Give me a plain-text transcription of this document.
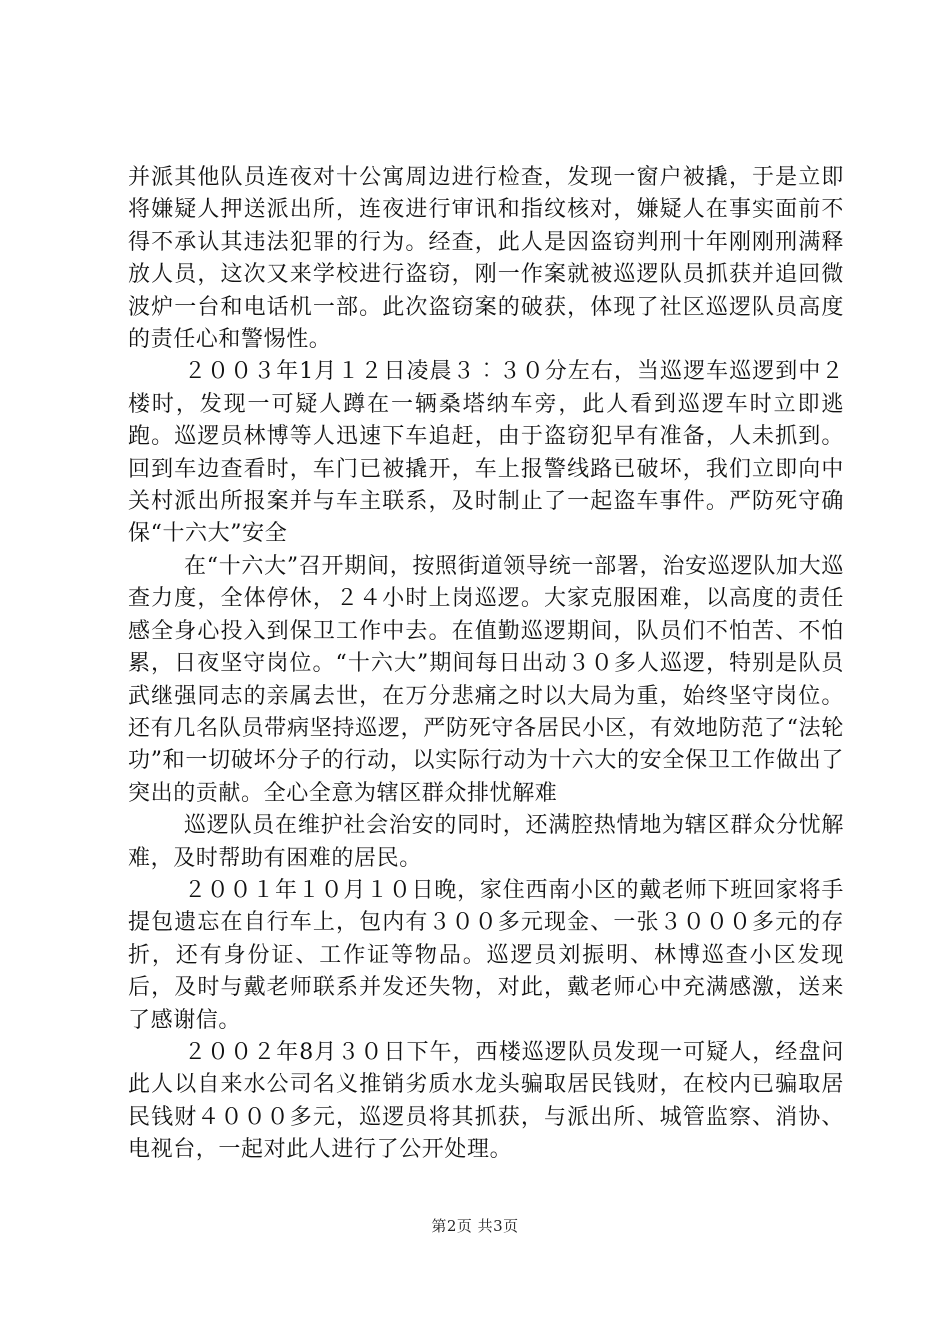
并派其他队员连夜对十公寓周边进行检查，发现一窗户被撬，于是立即将嫌疑人押送派出所，连夜进行审讯和指纹核对，嫌疑人在事实面前不得不承认其违法犯罪的行为。经查，此人是因盗窃判刑十年刚刚刑满释放人员，这次又来学校进行盗窃，刚一作案就被巡逻队员抓获并追回微波炉一台和电话机一部。此次盗窃案的破获，体现了社区巡逻队员高度的责任心和警惕性。

２００３年1月１２日凌晨３︰３０分左右，当巡逻车巡逻到中２楼时，发现一可疑人蹲在一辆桑塔纳车旁，此人看到巡逻车时立即逃跑。巡逻员林博等人迅速下车追赶，由于盗窃犯早有准备，人未抓到。回到车边查看时，车门已被撬开，车上报警线路已破坏，我们立即向中关村派出所报案并与车主联系，及时制止了一起盗车事件。严防死守确保“十六大”安全

在“十六大”召开期间，按照街道领导统一部署，治安巡逻队加大巡查力度，全体停休，２４小时上岗巡逻。大家克服困难，以高度的责任感全身心投入到保卫工作中去。在值勤巡逻期间，队员们不怕苦、不怕累，日夜坚守岗位。“十六大”期间每日出动３０多人巡逻，特别是队员武继强同志的亲属去世，在万分悲痛之时以大局为重，始终坚守岗位。还有几名队员带病坚持巡逻，严防死守各居民小区，有效地防范了“法轮功”和一切破坏分子的行动，以实际行动为十六大的安全保卫工作做出了突出的贡献。全心全意为辖区群众排忧解难

巡逻队员在维护社会治安的同时，还满腔热情地为辖区群众分忧解难，及时帮助有困难的居民。

２００１年１０月１０日晚，家住西南小区的戴老师下班回家将手提包遗忘在自行车上，包内有３００多元现金、一张３０００多元的存折，还有身份证、工作证等物品。巡逻员刘振明、林博巡查小区发现后，及时与戴老师联系并发还失物，对此，戴老师心中充满感激，送来了感谢信。

２００２年8月３０日下午，西楼巡逻队员发现一可疑人，经盘问此人以自来水公司名义推销劣质水龙头骗取居民钱财，在校内已骗取居民钱财４０００多元，巡逻员将其抓获，与派出所、城管监察、消协、电视台，一起对此人进行了公开处理。

第2页 共3页
